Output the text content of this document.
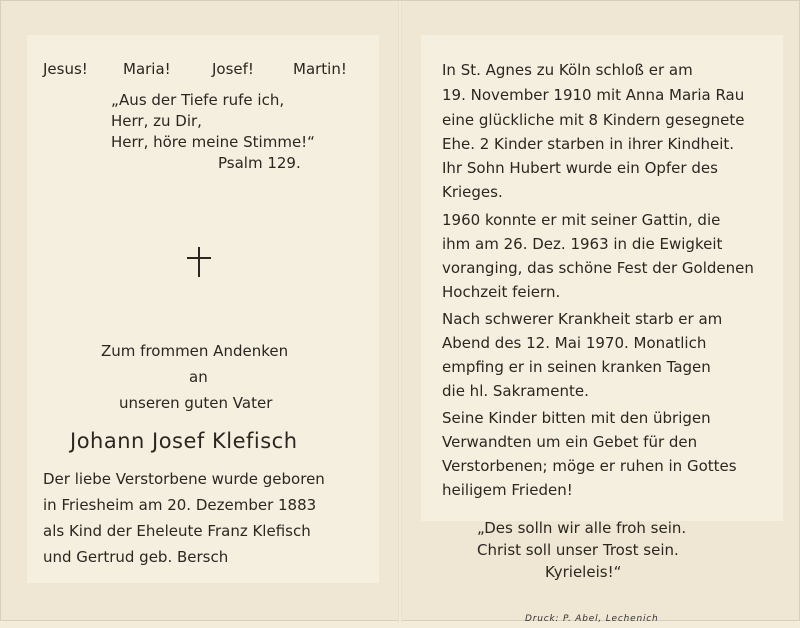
Jesus! Maria!	Josef!	Martin!
„Aus der Tiefe rufe ich,
Herr, zu Dir,
Herr, höre meine Stimme!“
Psalm 129.
Zum frommen Andenken
an
unseren guten Vater
Johann Josef Klefisch
Der liebe Verstorbene wurde geboren
in Friesheim am 20. Dezember 1883
als Kind der Eheleute Franz Klefisch
und Gertrud geb. Bersch
In St. Agnes zu Köln schloß er am
19. November 1910 mit Anna Maria Rau
eine glückliche mit 8 Kindern gesegnete
Ehe. 2 Kinder starben in ihrer Kindheit.
Ihr Sohn Hubert wurde ein Opfer des
Krieges.
1960 konnte er mit seiner Gattin, die
ihm am 26. Dez. 1963 in die Ewigkeit
voranging, das schöne Fest der Goldenen
Hochzeit feiern.
Nach schwerer Krankheit starb er am
Abend des 12. Mai 1970. Monatlich
empfing er in seinen kranken Tagen
die hl. Sakramente.
Seine Kinder bitten mit den übrigen
Verwandten um ein Gebet für den
Verstorbenen; möge er ruhen in Gottes
heiligem Frieden!
„Des solln wir alle froh sein.
Christ soll unser Trost sein.
Kyrieleis!“
Druck: P. Abel, Lechenich
